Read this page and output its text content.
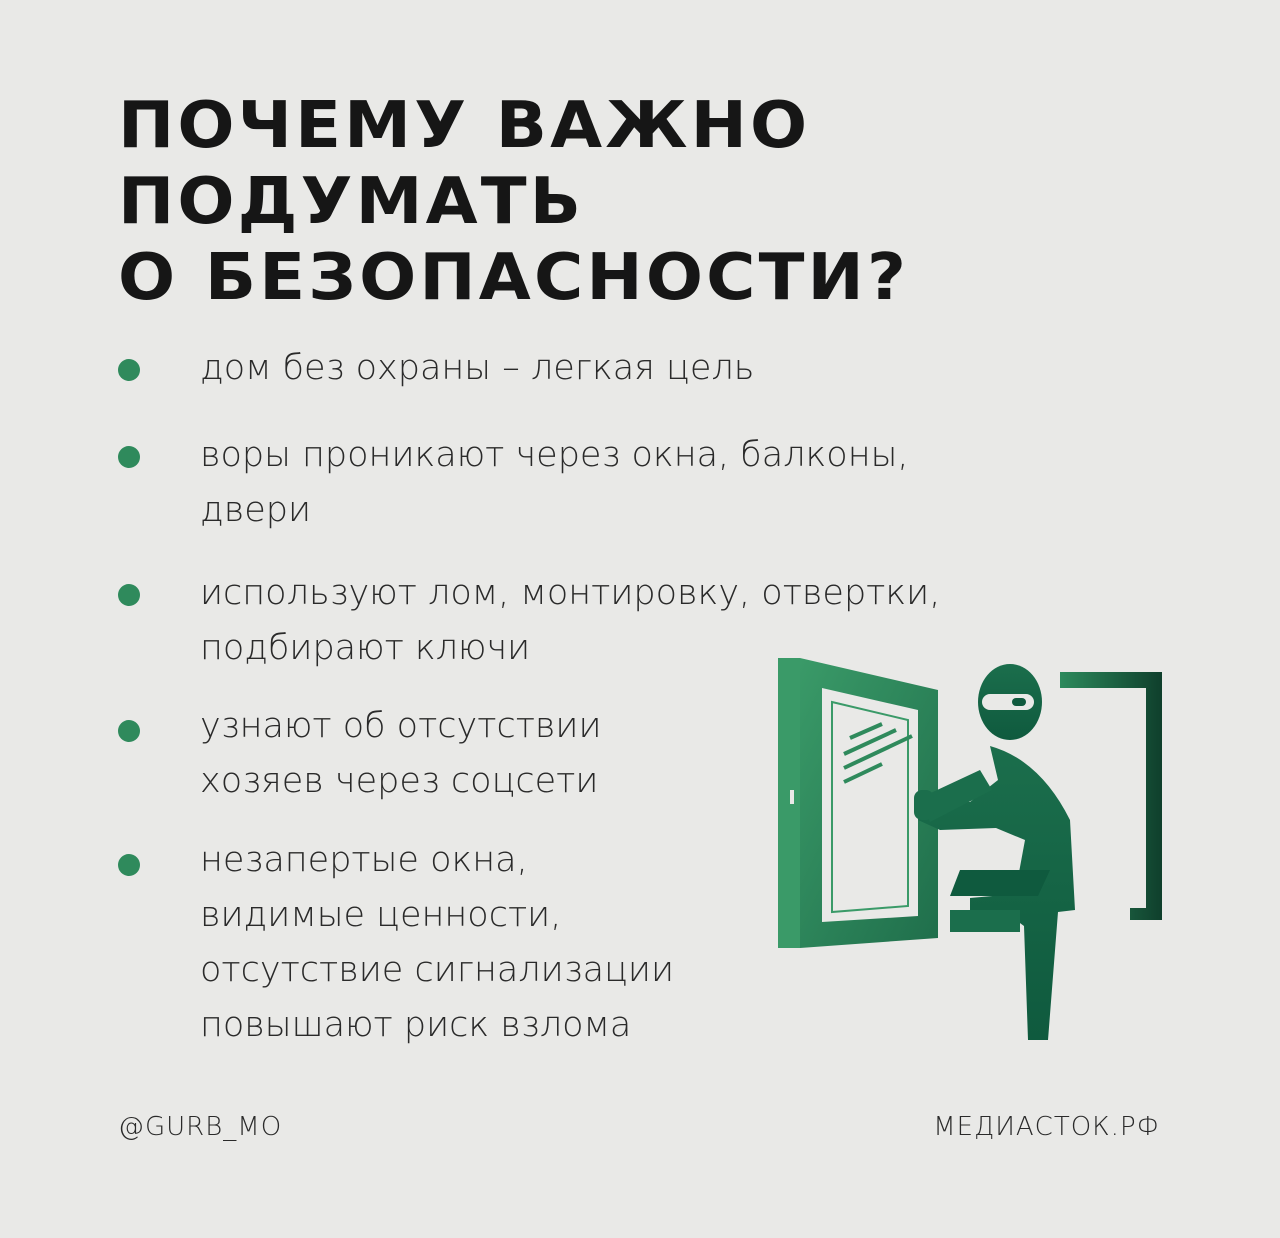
ПОЧЕМУ ВАЖНО
ПОДУМАТЬ
О БЕЗОПАСНОСТИ?
дом без охраны – легкая цель
воры проникают через окна, балконы,
двери
используют лом, монтировку, отвертки,
подбирают ключи
узнают об отсутствии
хозяев через соцсети
незапертые окна,
видимые ценности,
отсутствие сигнализации
повышают риск взлома
@GURB_MO	МЕДИАСТОК.РФ
